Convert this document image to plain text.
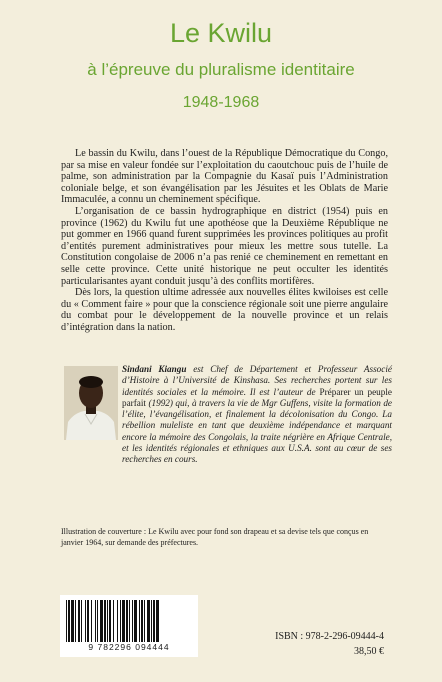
Le Kwilu
à l’épreuve du pluralisme identitaire
1948-1968

Le bassin du Kwilu, dans l’ouest de la République Démocratique du Congo, par sa mise en valeur fondée sur l’exploitation du caoutchouc puis de l’huile de palme, son administration par la Compagnie du Kasaï puis l’Administration coloniale belge, et son évangélisation par les Jésuites et les Oblats de Marie Immaculée, a connu un cheminement spécifique.

L’organisation de ce bassin hydrographique en district (1954) puis en province (1962) du Kwilu fut une apothéose que la Deuxième République ne put gommer en 1966 quand furent supprimées les provinces politiques au profit d’entités purement administratives pour mieux les mettre sous tutelle. La Constitution congolaise de 2006 n’a pas renié ce cheminement en remettant en selle cette province. Cette unité historique ne peut occulter les identités particularisantes ayant conduit jusqu’à des conflits mortifères.

Dès lors, la question ultime adressée aux nouvelles élites kwiloises est celle du « Comment faire » pour que la conscience régionale soit une pierre angulaire du combat pour le développement de la nouvelle province et un relais d’intégration dans la nation.

Sindani Kiangu est Chef de Département et Professeur Associé d’Histoire à l’Université de Kinshasa. Ses recherches portent sur les identités sociales et la mémoire. Il est l’auteur de Préparer un peuple parfait (1992) qui, à travers la vie de Mgr Guffens, visite la formation de l’élite, l’évangélisation, et finalement la décolonisation du Congo. La rébellion muleliste en tant que deuxième indépendance et marquant encore la mémoire des Congolais, la traite négrière en Afrique Centrale, et les identités régionales et ethniques aux U.S.A. sont au cœur de ses recherches en cours.
Illustration de couverture : Le Kwilu avec pour fond son drapeau et sa devise tels que conçus en janvier 1964, sur demande des préfectures.
9 782296 094444
ISBN : 978-2-296-09444-4
38,50 €
